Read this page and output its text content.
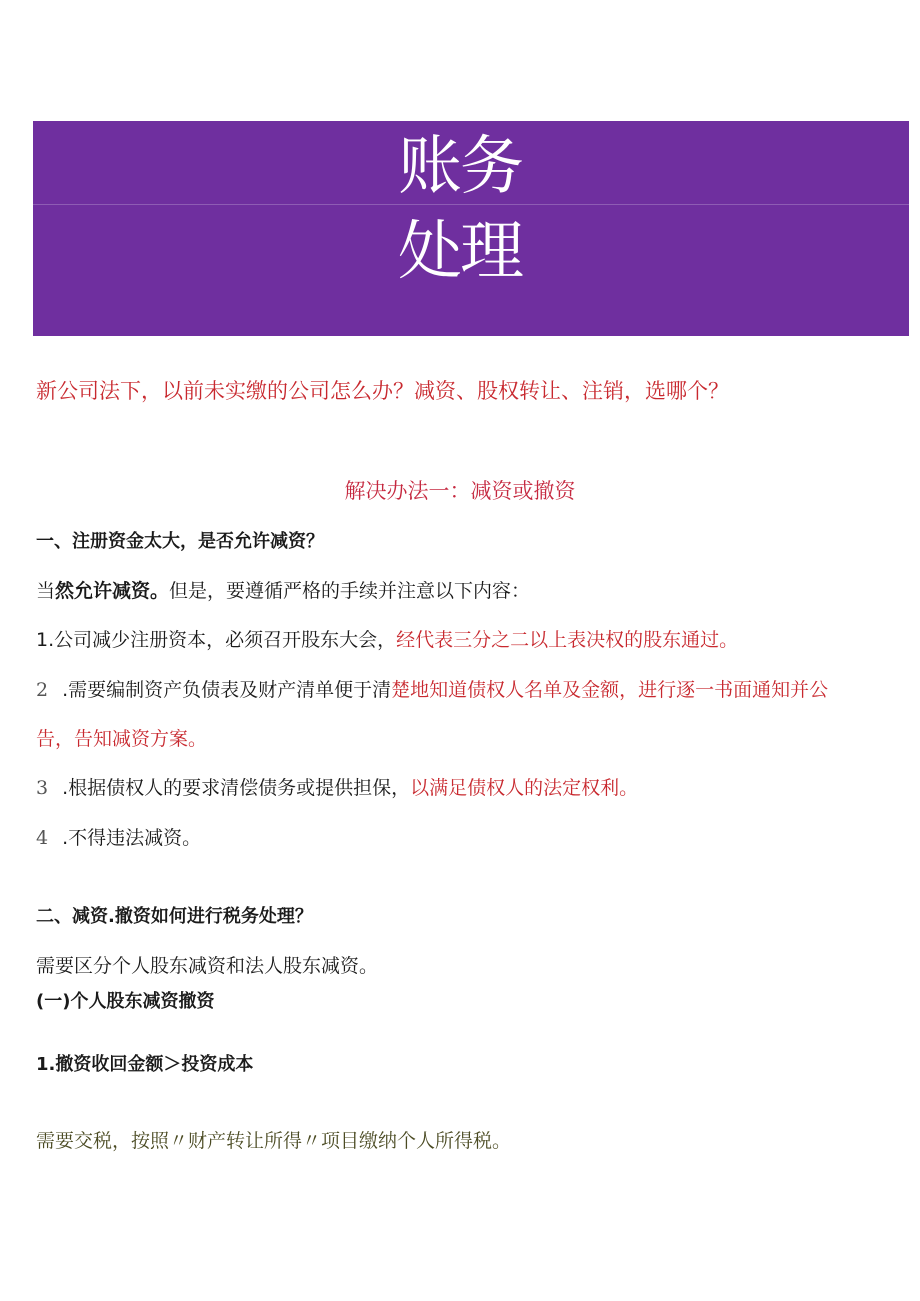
账务
处理
新公司法下，以前未实缴的公司怎么办？减资、股权转让、注销，选哪个？
解决办法一：减资或撤资
一、注册资金太大，是否允许减资？
当然允许减资。但是，要遵循严格的手续并注意以下内容：
1.公司减少注册资本，必须召开股东大会，经代表三分之二以上表决权的股东通过。
2 .需要编制资产负债表及财产清单便于清楚地知道债权人名单及金额，进行逐一书面通知并公
告，告知减资方案。
3 .根据债权人的要求清偿债务或提供担保，以满足债权人的法定权利。
4 .不得违法减资。
二、减资.撤资如何进行税务处理？
需要区分个人股东减资和法人股东减资。
(一)个人股东减资撤资
1.撤资收回金额＞投资成本
需要交税，按照〃财产转让所得〃项目缴纳个人所得税。
